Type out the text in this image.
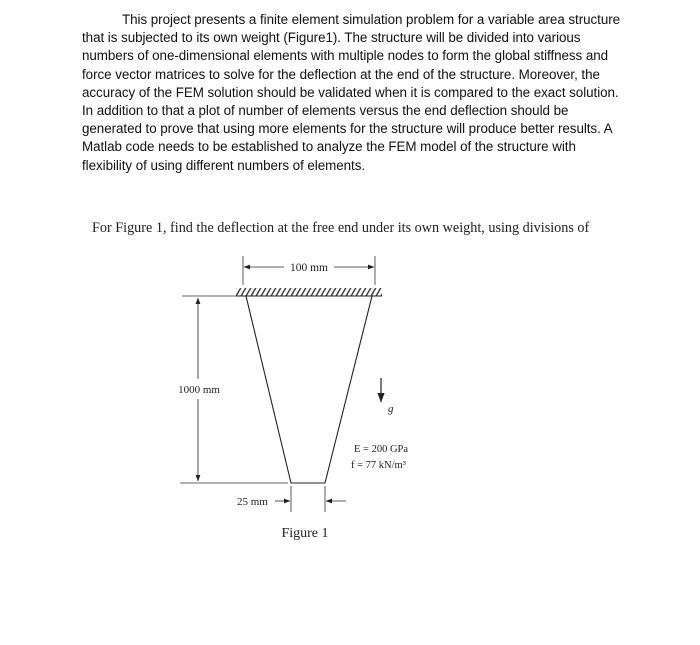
This project presents a finite element simulation problem for a variable area structure that is subjected to its own weight (Figure1). The structure will be divided into various numbers of one-dimensional elements with multiple nodes to form the global stiffness and force vector matrices to solve for the deflection at the end of the structure. Moreover, the accuracy of the FEM solution should be validated when it is compared to the exact solution. In addition to that a plot of number of elements versus the end deflection should be generated to prove that using more elements for the structure will produce better results. A Matlab code needs to be established to analyze the FEM model of the structure with flexibility of using different numbers of elements.

For Figure 1, find the deflection at the free end under its own weight, using divisions of

100 mm
1000 mm
25 mm
g
E = 200 GPa
f = 77 kN/m³
Figure 1
